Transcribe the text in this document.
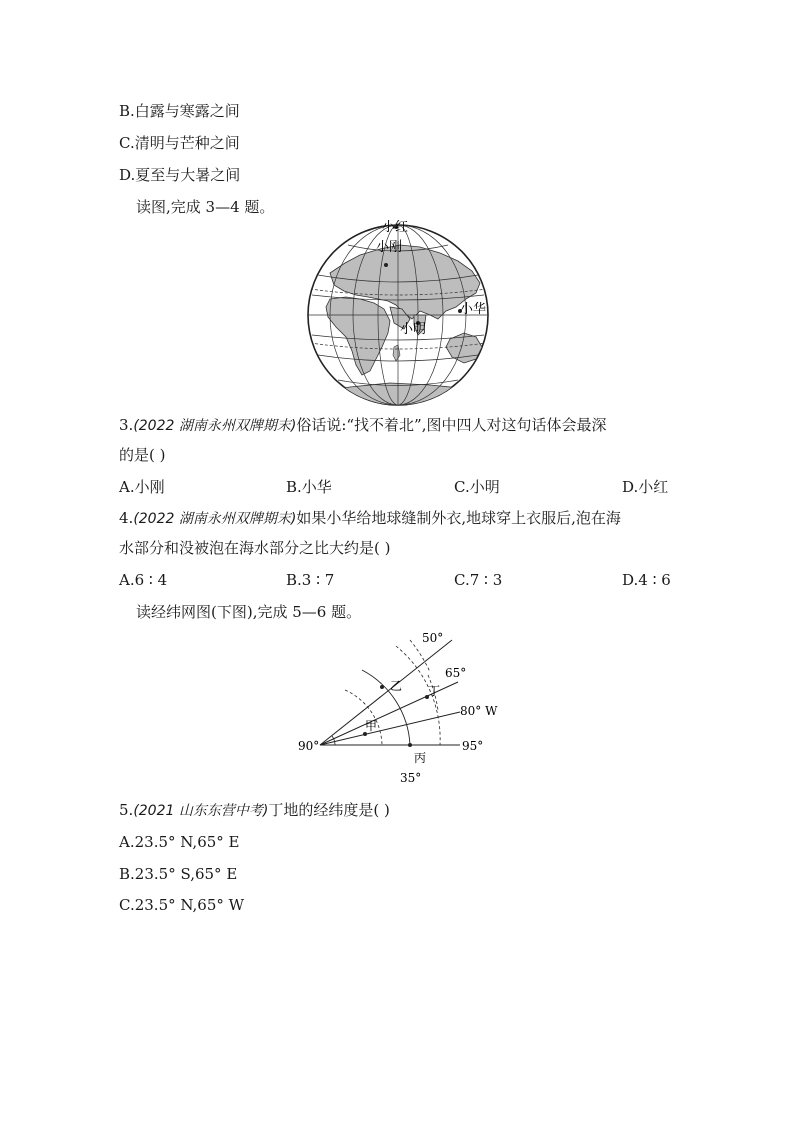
B.白露与寒露之间
C.清明与芒种之间
D.夏至与大暑之间
读图,完成 3—4 题。
小红
小刚
小华
小明
3.(2022 湖南永州双牌期末)俗话说:“找不着北”,图中四人对这句话体会最深
的是( )
A.小刚	B.小华	C.小明	D.小红
4.(2022 湖南永州双牌期末)如果小华给地球缝制外衣,地球穿上衣服后,泡在海
水部分和没被泡在海水部分之比大约是( )
A.6 ∶ 4	B.3 ∶ 7	C.7 ∶ 3	D.4 ∶ 6
读经纬网图(下图),完成 5—6 题。
50°
65°
80° W
95°
90°
35°
乙 丁
甲
丙
5.(2021 山东东营中考)丁地的经纬度是( )
A.23.5° N,65° E
B.23.5° S,65° E
C.23.5° N,65° W
